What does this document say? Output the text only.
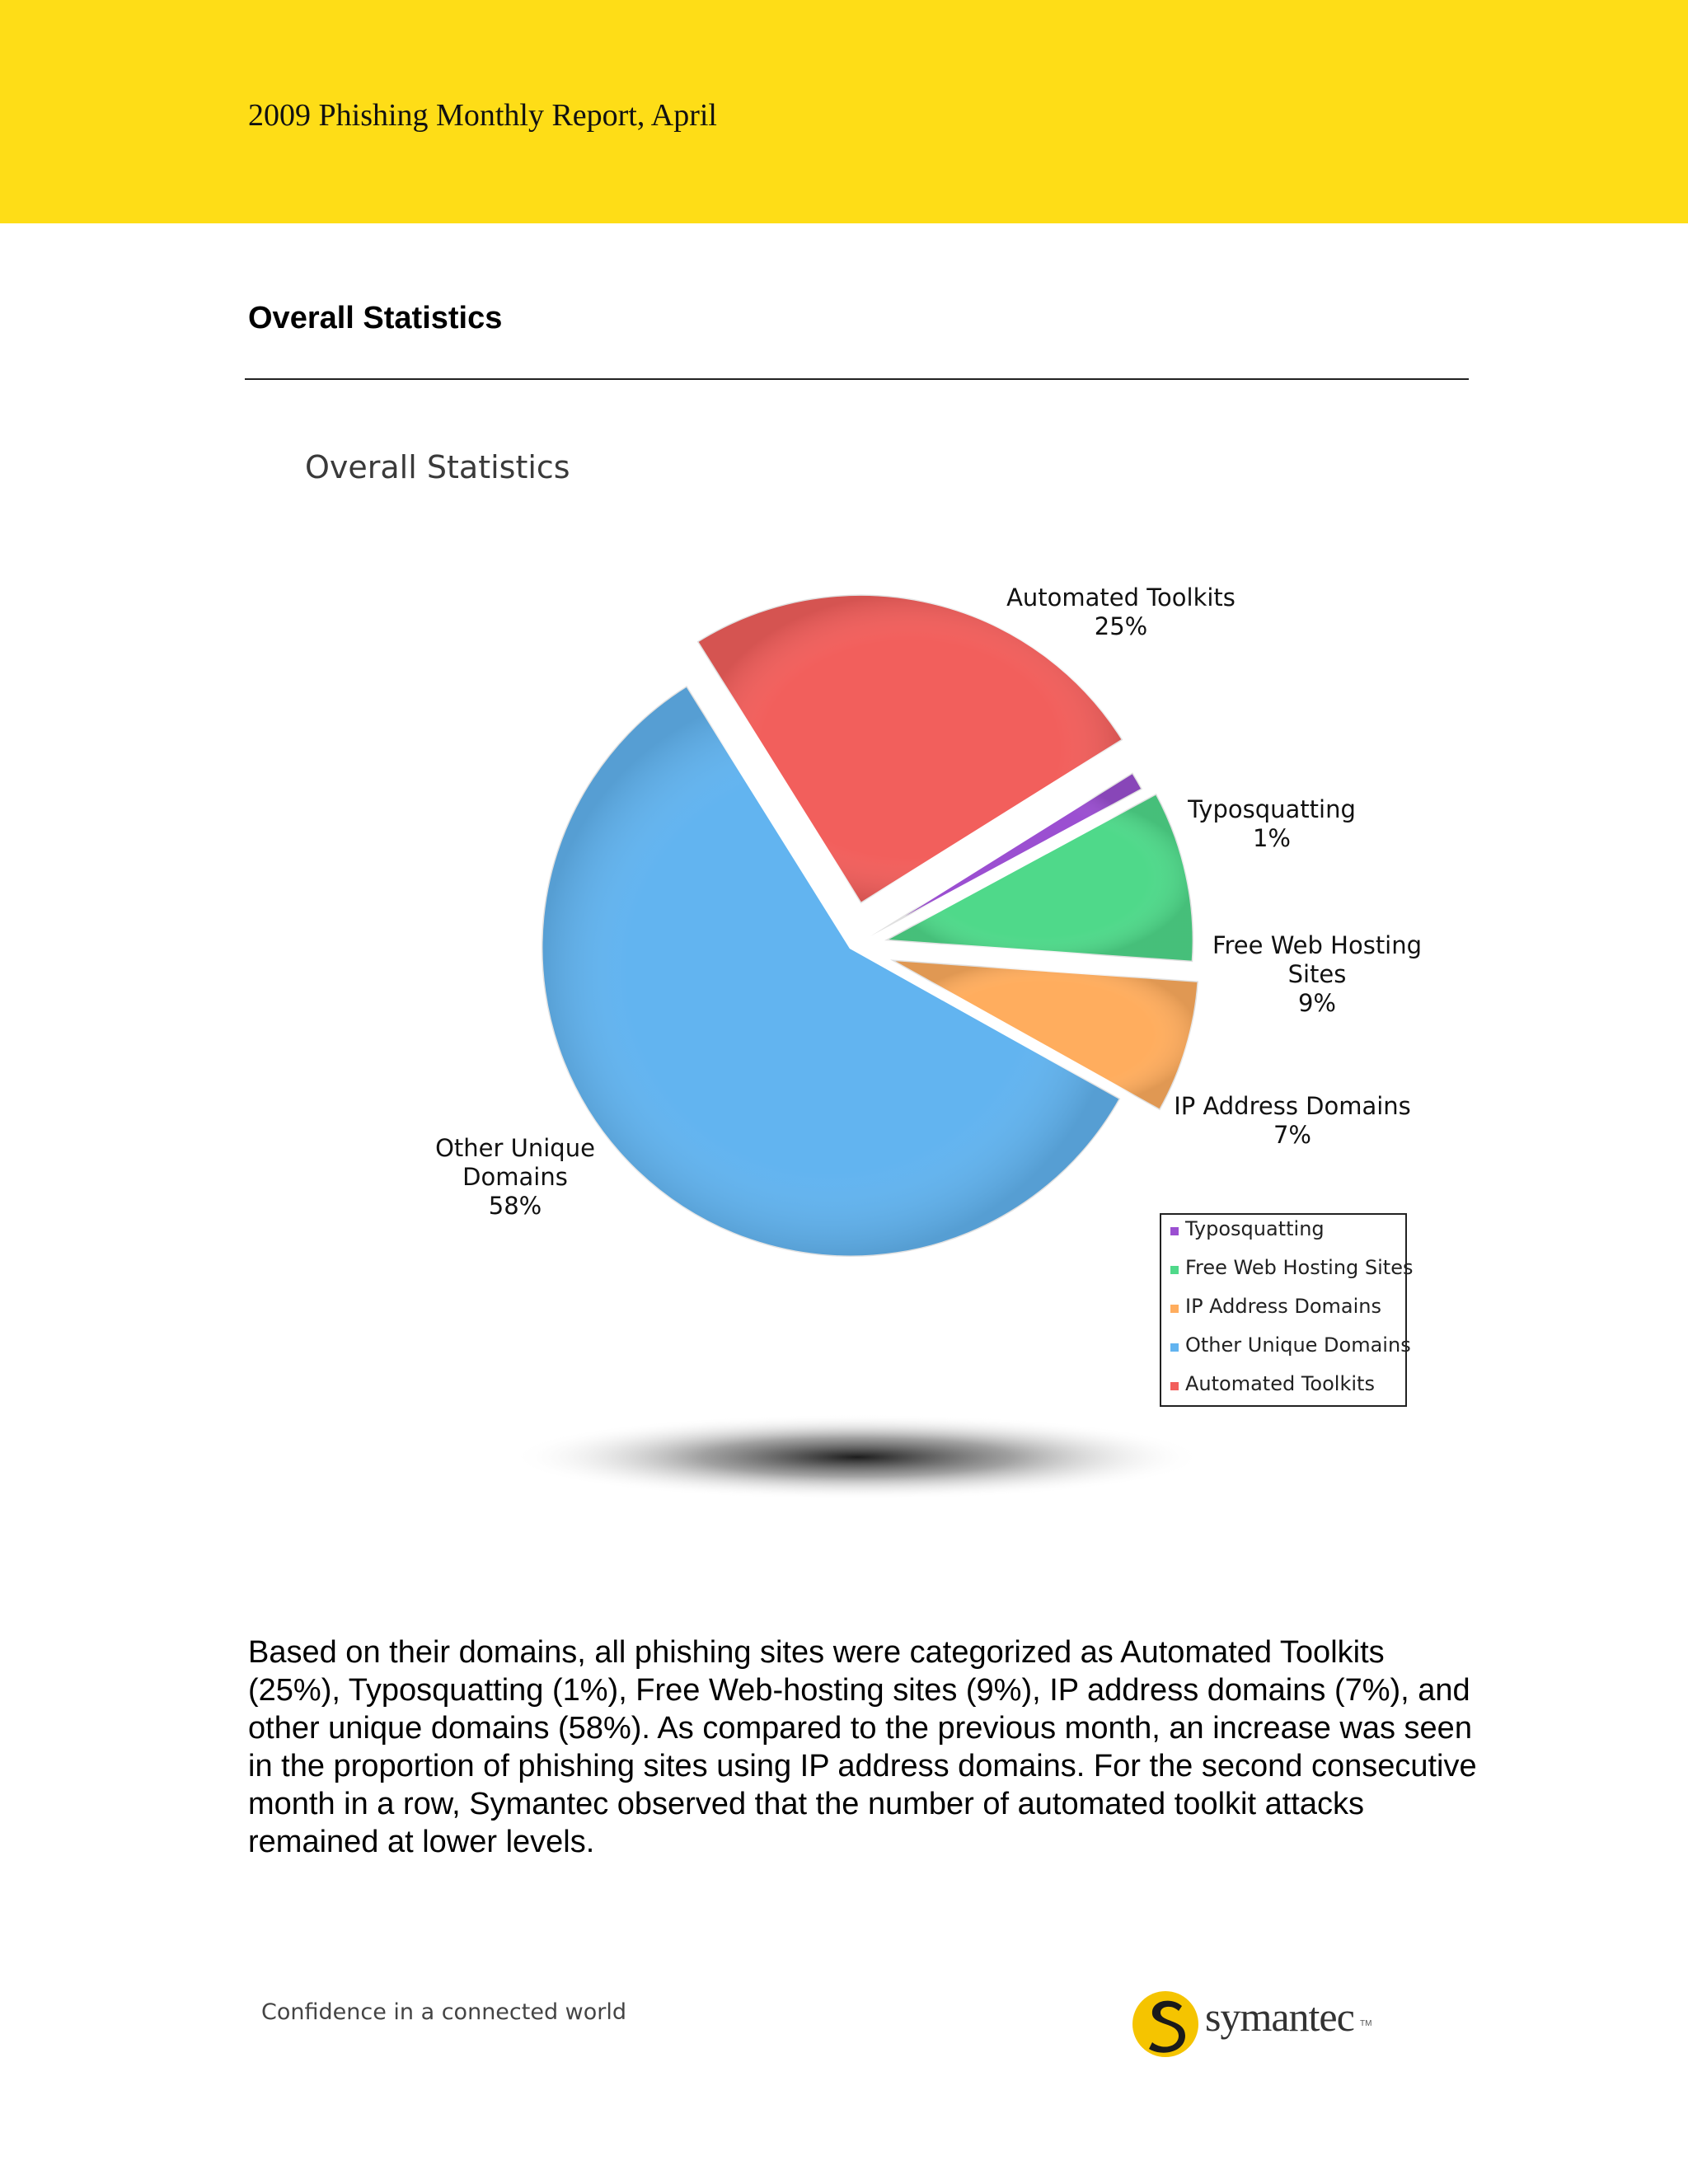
2009 Phishing Monthly Report, April
Overall Statistics
Overall Statistics
Automated Toolkits
25%
Typosquatting
1%
Free Web Hosting
Sites
9%
IP Address Domains
7%
Other Unique
Domains
58%
Typosquatting
Free Web Hosting Sites
IP Address Domains
Other Unique Domains
Automated Toolkits
Based on their domains, all phishing sites were categorized as Automated Toolkits (25%), Typosquatting (1%), Free Web-hosting sites (9%), IP address domains (7%), and other unique domains (58%). As compared to the previous month, an increase was seen in the proportion of phishing sites using IP address domains. For the second consecutive month in a row, Symantec observed that the number of automated toolkit attacks remained at lower levels.
Confidence in a connected world	symantec TM
